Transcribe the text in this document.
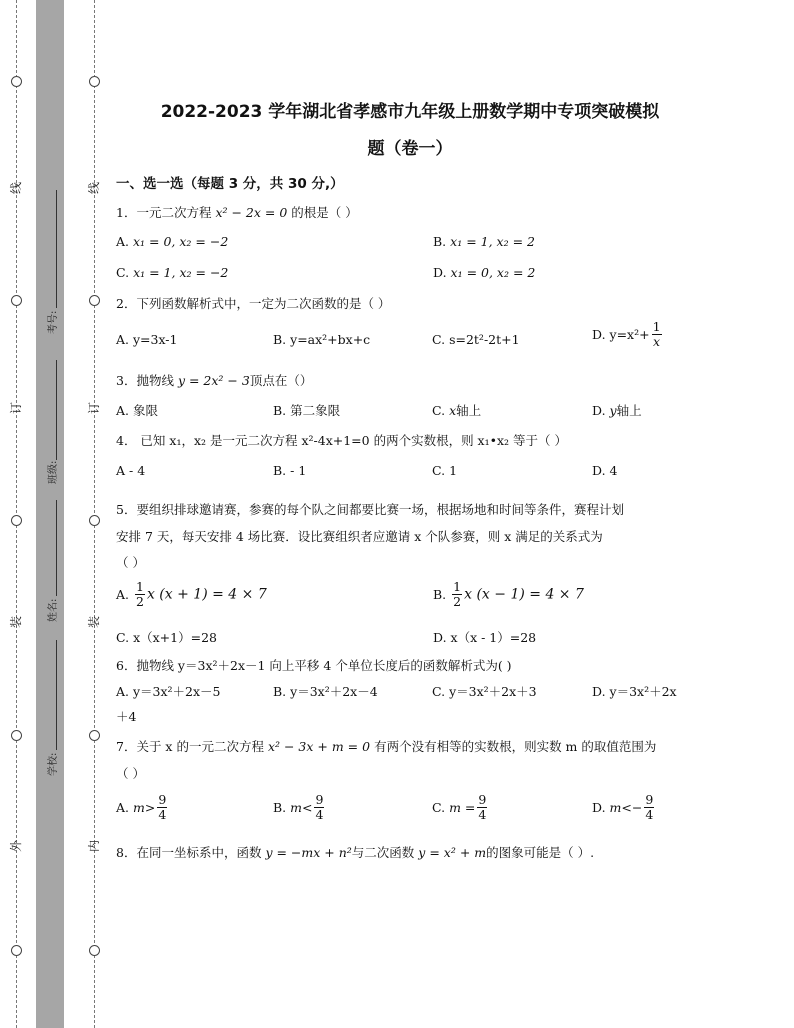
线
订
装
外
线
订
装
内
考号:
班级:
姓名:
学校:
2022-2023 学年湖北省孝感市九年级上册数学期中专项突破模拟
题（卷一）
一、选一选（每题 3 分，共 30 分,）
1．一元二次方程 x² − 2x = 0 的根是（ ）
A. x₁ = 0, x₂ = −2	B. x₁ = 1, x₂ = 2
C. x₁ = 1, x₂ = −2	D. x₁ = 0, x₂ = 2
2．下列函数解析式中，一定为二次函数的是（ ）
A. y=3x-1	B. y=ax²+bx+c	C. s=2t²-2t+1	D. $y=x^2+ \frac{1}{x}$
3．抛物线 y = 2x² − 3顶点在（）
A. 象限	B. 第二象限	C. x轴上	D. y轴上
4． 已知 x₁，x₂ 是一元二次方程 x²-4x+1=0 的两个实数根，则 x₁•x₂ 等于（ ）
A - 4	B. - 1	C. 1	D. 4
5．要组织排球邀请赛，参赛的每个队之间都要比赛一场，根据场地和时间等条件，赛程计划
安排 7 天，每天安排 4 场比赛．设比赛组织者应邀请 x 个队参赛，则 x 满足的关系式为
（ ）
A. $\frac{1}{2}$ x (x + 1) = 4 × 7	B. $\frac{1}{2}$ x (x − 1) = 4 × 7
C. x（x+1）=28	D. x（x - 1）=28
6．抛物线 y＝3x²＋2x－1 向上平移 4 个单位长度后的函数解析式为( )
A. y＝3x²＋2x－5	B. y＝3x²＋2x－4	C. y＝3x²＋2x＋3	D. y＝3x²＋2x
＋4
7．关于 x 的一元二次方程 x² − 3x + m = 0 有两个没有相等的实数根，则实数 m 的取值范围为
（ ）
A. $m> \frac{9}{4}$	B. $m< \frac{9}{4}$	C. $m = \frac{9}{4}$	D. $m<- \frac{9}{4}$
8．在同一坐标系中，函数 y = −mx + n²与二次函数 y = x² + m的图象可能是（ ）.
